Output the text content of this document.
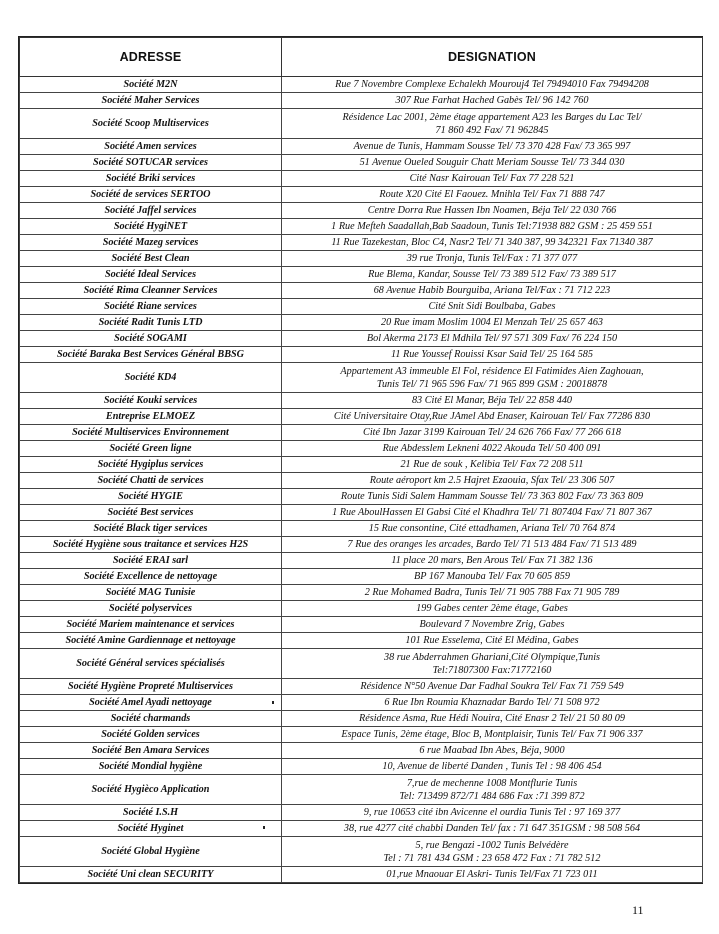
ADRESSE	DESIGNATION
Société M2N	Rue 7 Novembre Complexe Echalekh Mourouj4 Tel 79494010 Fax 79494208

Société Maher Services	307 Rue Farhat Hached Gabès Tel/ 96 142 760

Société Scoop Multiservices	Résidence Lac 2001, 2ème étage appartement A23 les Barges du Lac Tel/
71 860 492 Fax/ 71 962845

Société Amen services	Avenue de Tunis, Hammam Sousse Tel/ 73 370 428 Fax/ 73 365 997

Société SOTUCAR services	51 Avenue Oueled Souguir Chatt Meriam Sousse Tel/ 73 344 030

Société Briki services	Cité Nasr Kairouan Tel/ Fax 77 228 521

Société de services SERTOO	Route X20 Cité El Faouez. Mnihla Tel/ Fax 71 888 747

Société Jaffel services	Centre Dorra Rue Hassen Ibn Noamen, Béja Tel/ 22 030 766

Société HygiNET	1 Rue Mefteh Saadallah,Bab Saadoun, Tunis Tel:71938 882 GSM : 25 459 551

Société Mazeg services	11 Rue Tazekestan, Bloc C4, Nasr2 Tel/ 71 340 387, 99 342321 Fax 71340 387

Société Best Clean	39 rue Tronja, Tunis Tel/Fax : 71 377 077

Société Ideal Services	Rue Blema, Kandar, Sousse Tel/ 73 389 512 Fax/ 73 389 517

Société Rima Cleanner Services	68 Avenue Habib Bourguiba, Ariana Tel/Fax : 71 712 223

Société Riane services	Cité Snit Sidi Boulbaba, Gabes

Société Radit Tunis LTD	20 Rue imam Moslim 1004 El Menzah Tel/ 25 657 463

Société SOGAMI	Bol Akerma 2173 El Mdhila Tel/ 97 571 309 Fax/ 76 224 150

Société Baraka Best Services Général BBSG	11 Rue Youssef Rouissi Ksar Said Tel/ 25 164 585

Société KD4	Appartement A3 immeuble El Fol, résidence El Fatimides Aien Zaghouan,
Tunis Tel/ 71 965 596 Fax/ 71 965 899 GSM : 20018878

Société Kouki services	83 Cité El Manar, Béja Tel/ 22 858 440

Entreprise ELMOEZ	Cité Universitaire Otay,Rue JAmel Abd Enaser, Kairouan Tel/ Fax 77286 830

Société Multiservices Environnement	Cité Ibn Jazar 3199 Kairouan Tel/ 24 626 766 Fax/ 77 266 618

Société Green ligne	Rue Abdesslem Lekneni 4022 Akouda Tel/ 50 400 091

Société Hygiplus services	21 Rue de souk , Kelibia Tel/ Fax 72 208 511

Société Chatti de services	Route aéroport km 2.5 Hajret Ezaouia, Sfax Tel/ 23 306 507

Société HYGIE	Route Tunis Sidi Salem Hammam Sousse Tel/ 73 363 802 Fax/ 73 363 809

Société Best services	1 Rue AboulHassen El Gabsi Cité el Khadhra Tel/ 71 807404 Fax/ 71 807 367

Société Black tiger services	15 Rue consontine, Cité ettadhamen, Ariana Tel/ 70 764 874

Société Hygiène sous traitance et services H2S	7 Rue des oranges les arcades, Bardo Tel/ 71 513 484 Fax/ 71 513 489

Société ERAI sarl	11 place 20 mars, Ben Arous Tel/ Fax 71 382 136

Société Excellence de nettoyage	BP 167 Manouba Tel/ Fax 70 605 859

Société MAG Tunisie	2 Rue Mohamed Badra, Tunis Tel/ 71 905 788 Fax 71 905 789

Société polyservices	199 Gabes center 2ème étage, Gabes

Société Mariem maintenance et services	Boulevard 7 Novembre Zrig, Gabes

Société Amine Gardiennage et nettoyage	101 Rue Esselema, Cité El Médina, Gabes

Société Général services spécialisés	38 rue Abderrahmen Ghariani,Cité Olympique,Tunis
Tel:71807300 Fax:71772160

Société Hygiène Propreté Multiservices	Résidence N°50 Avenue Dar Fadhal Soukra Tel/ Fax 71 759 549

Société Amel Ayadi nettoyage	6 Rue Ibn Roumia Khaznadar Bardo Tel/ 71 508 972

Société charmands	Résidence Asma, Rue Hédi Nouira, Cité Enasr 2 Tel/ 21 50 80 09

Société Golden services	Espace Tunis, 2ème étage, Bloc B, Montplaisir, Tunis Tel/ Fax 71 906 337

Société Ben Amara Services	6 rue Maabad Ibn Abes, Béja, 9000

Société Mondial hygiène	10, Avenue de liberté Danden , Tunis Tel : 98 406 454

Société Hygièco Application	7,rue de mechenne 1008 Montflurie Tunis
Tel: 713499 872/71 484 686 Fax :71 399 872

Société I.S.H	9, rue 10653 cité ibn Avicenne el ourdia Tunis Tel : 97 169 377

Société Hyginet	38, rue 4277 cité chabbi Danden Tel/ fax : 71 647 351GSM : 98 508 564

Société Global Hygiène	5, rue Bengazi -1002 Tunis Belvédère
Tel : 71 781 434 GSM : 23 658 472 Fax : 71 782 512

Société Uni clean SECURITY	01,rue Mnaouar El Askri- Tunis Tel/Fax 71 723 011
11
